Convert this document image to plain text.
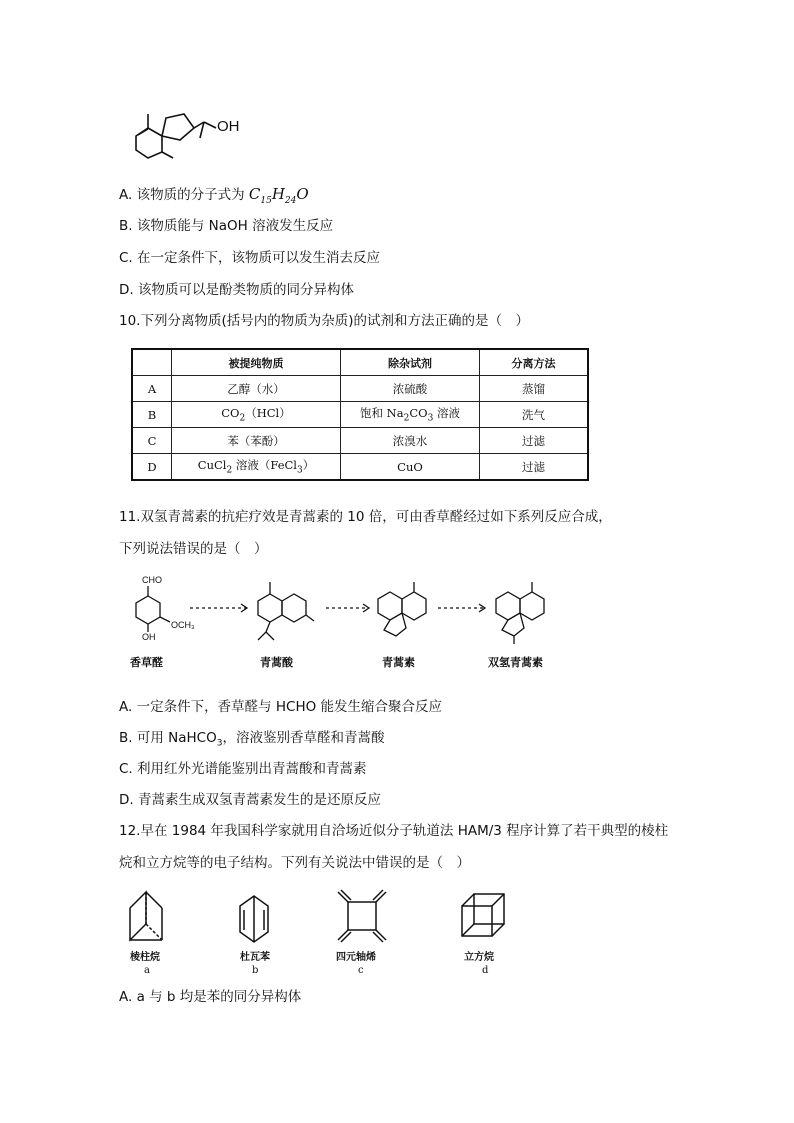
OH
A. 该物质的分子式为 $C_{15}H_{24}O$
B. 该物质能与 NaOH 溶液发生反应
C. 在一定条件下，该物质可以发生消去反应
D. 该物质可以是酚类物质的同分异构体
10.下列分离物质(括号内的物质为杂质)的试剂和方法正确的是（　）
	被提纯物质	除杂试剂	分离方法
A	乙醇（水）	浓硫酸	蒸馏
B	$CO_2(HCl)$	饱和 $Na_2CO_3$ 溶液	洗气
C	苯（苯酚）	浓溴水	过滤
D	CuCl$_2$ 溶液（FeCl$_3$）	CuO	过滤
11.双氢青蒿素的抗疟疗效是青蒿素的 10 倍，可由香草醛经过如下系列反应合成，
下列说法错误的是（　）
CHO
OCH₃
OH
香草醛	青蒿酸	青蒿素	双氢青蒿素
A. 一定条件下，香草醛与 HCHO 能发生缩合聚合反应
B. 可用 NaHCO$_3$，溶液鉴别香草醛和青蒿酸
C. 利用红外光谱能鉴别出青蒿酸和青蒿素
D. 青蒿素生成双氢青蒿素发生的是还原反应
12.早在 1984 年我国科学家就用自洽场近似分子轨道法 HAM/3 程序计算了若干典型的棱柱
烷和立方烷等的电子结构。下列有关说法中错误的是（　）
棱柱烷	杜瓦苯	四元轴烯	立方烷
a	b	c	d
A. a 与 b 均是苯的同分异构体
